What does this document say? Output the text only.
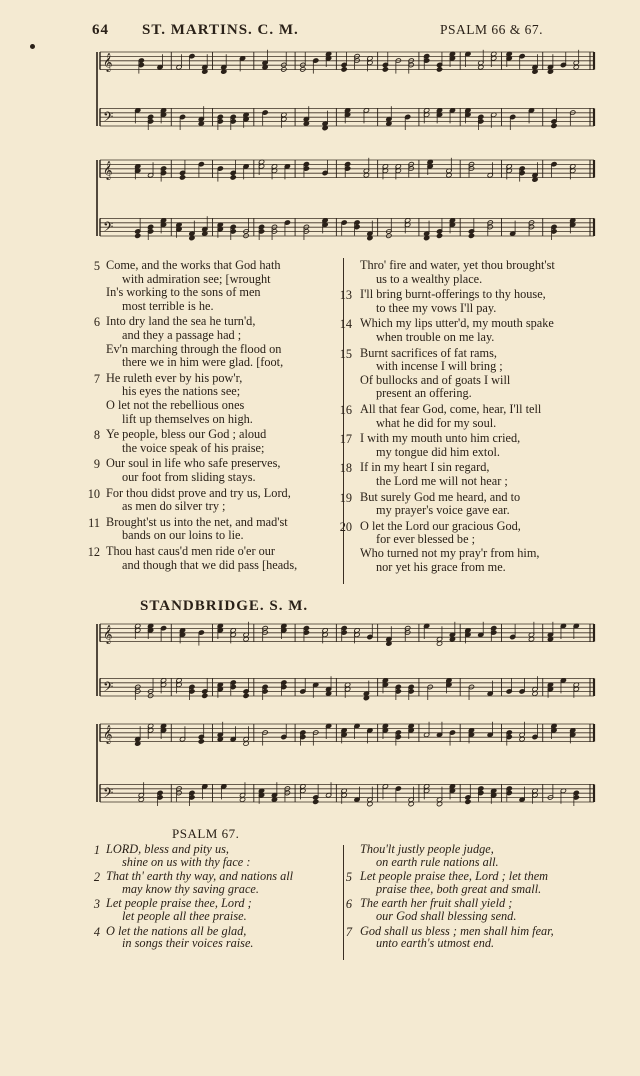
64 ST. MARTINS. C. M.	PSALM 66 & 67.
𝄞
𝄢
𝄞
𝄢
5 Come, and the works that God hath
with admiration see; [wrought
In's working to the sons of men
most terrible is he.
6 Into dry land the sea he turn'd,
and they a passage had ;
Ev'n marching through the flood on
there we in him were glad. [foot,
7 He ruleth ever by his pow'r,
his eyes the nations see;
O let not the rebellious ones
lift up themselves on high.
8 Ye people, bless our God ; aloud
the voice speak of his praise;
9 Our soul in life who safe preserves,
our foot from sliding stays.
10 For thou didst prove and try us, Lord,
as men do silver try ;
11 Brought'st us into the net, and mad'st
bands on our loins to lie.
12 Thou hast caus'd men ride o'er our
and though that we did pass [heads,
Thro' fire and water, yet thou brought'st
us to a wealthy place.
13 I'll bring burnt-offerings to thy house,
to thee my vows I'll pay.
14 Which my lips utter'd, my mouth spake
when trouble on me lay.
15 Burnt sacrifices of fat rams,
with incense I will bring ;
Of bullocks and of goats I will
present an offering.
16 All that fear God, come, hear, I'll tell
what he did for my soul.
17 I with my mouth unto him cried,
my tongue did him extol.
18 If in my heart I sin regard,
the Lord me will not hear ;
19 But surely God me heard, and to
my prayer's voice gave ear.
20 O let the Lord our gracious God,
for ever blessed be ;
Who turned not my pray'r from him,
nor yet his grace from me.
STANDBRIDGE. S. M.
𝄞
𝄢
𝄞
𝄢
PSALM 67.
1 LORD, bless and pity us,
shine on us with thy face :
2 That th' earth thy way, and nations all
may know thy saving grace.
3 Let people praise thee, Lord ;
let people all thee praise.
4 O let the nations all be glad,
in songs their voices raise.
Thou'lt justly people judge,
on earth rule nations all.
5 Let people praise thee, Lord ; let them
praise thee, both great and small.
6 The earth her fruit shall yield ;
our God shall blessing send.
7 God shall us bless ; men shall him fear,
unto earth's utmost end.
